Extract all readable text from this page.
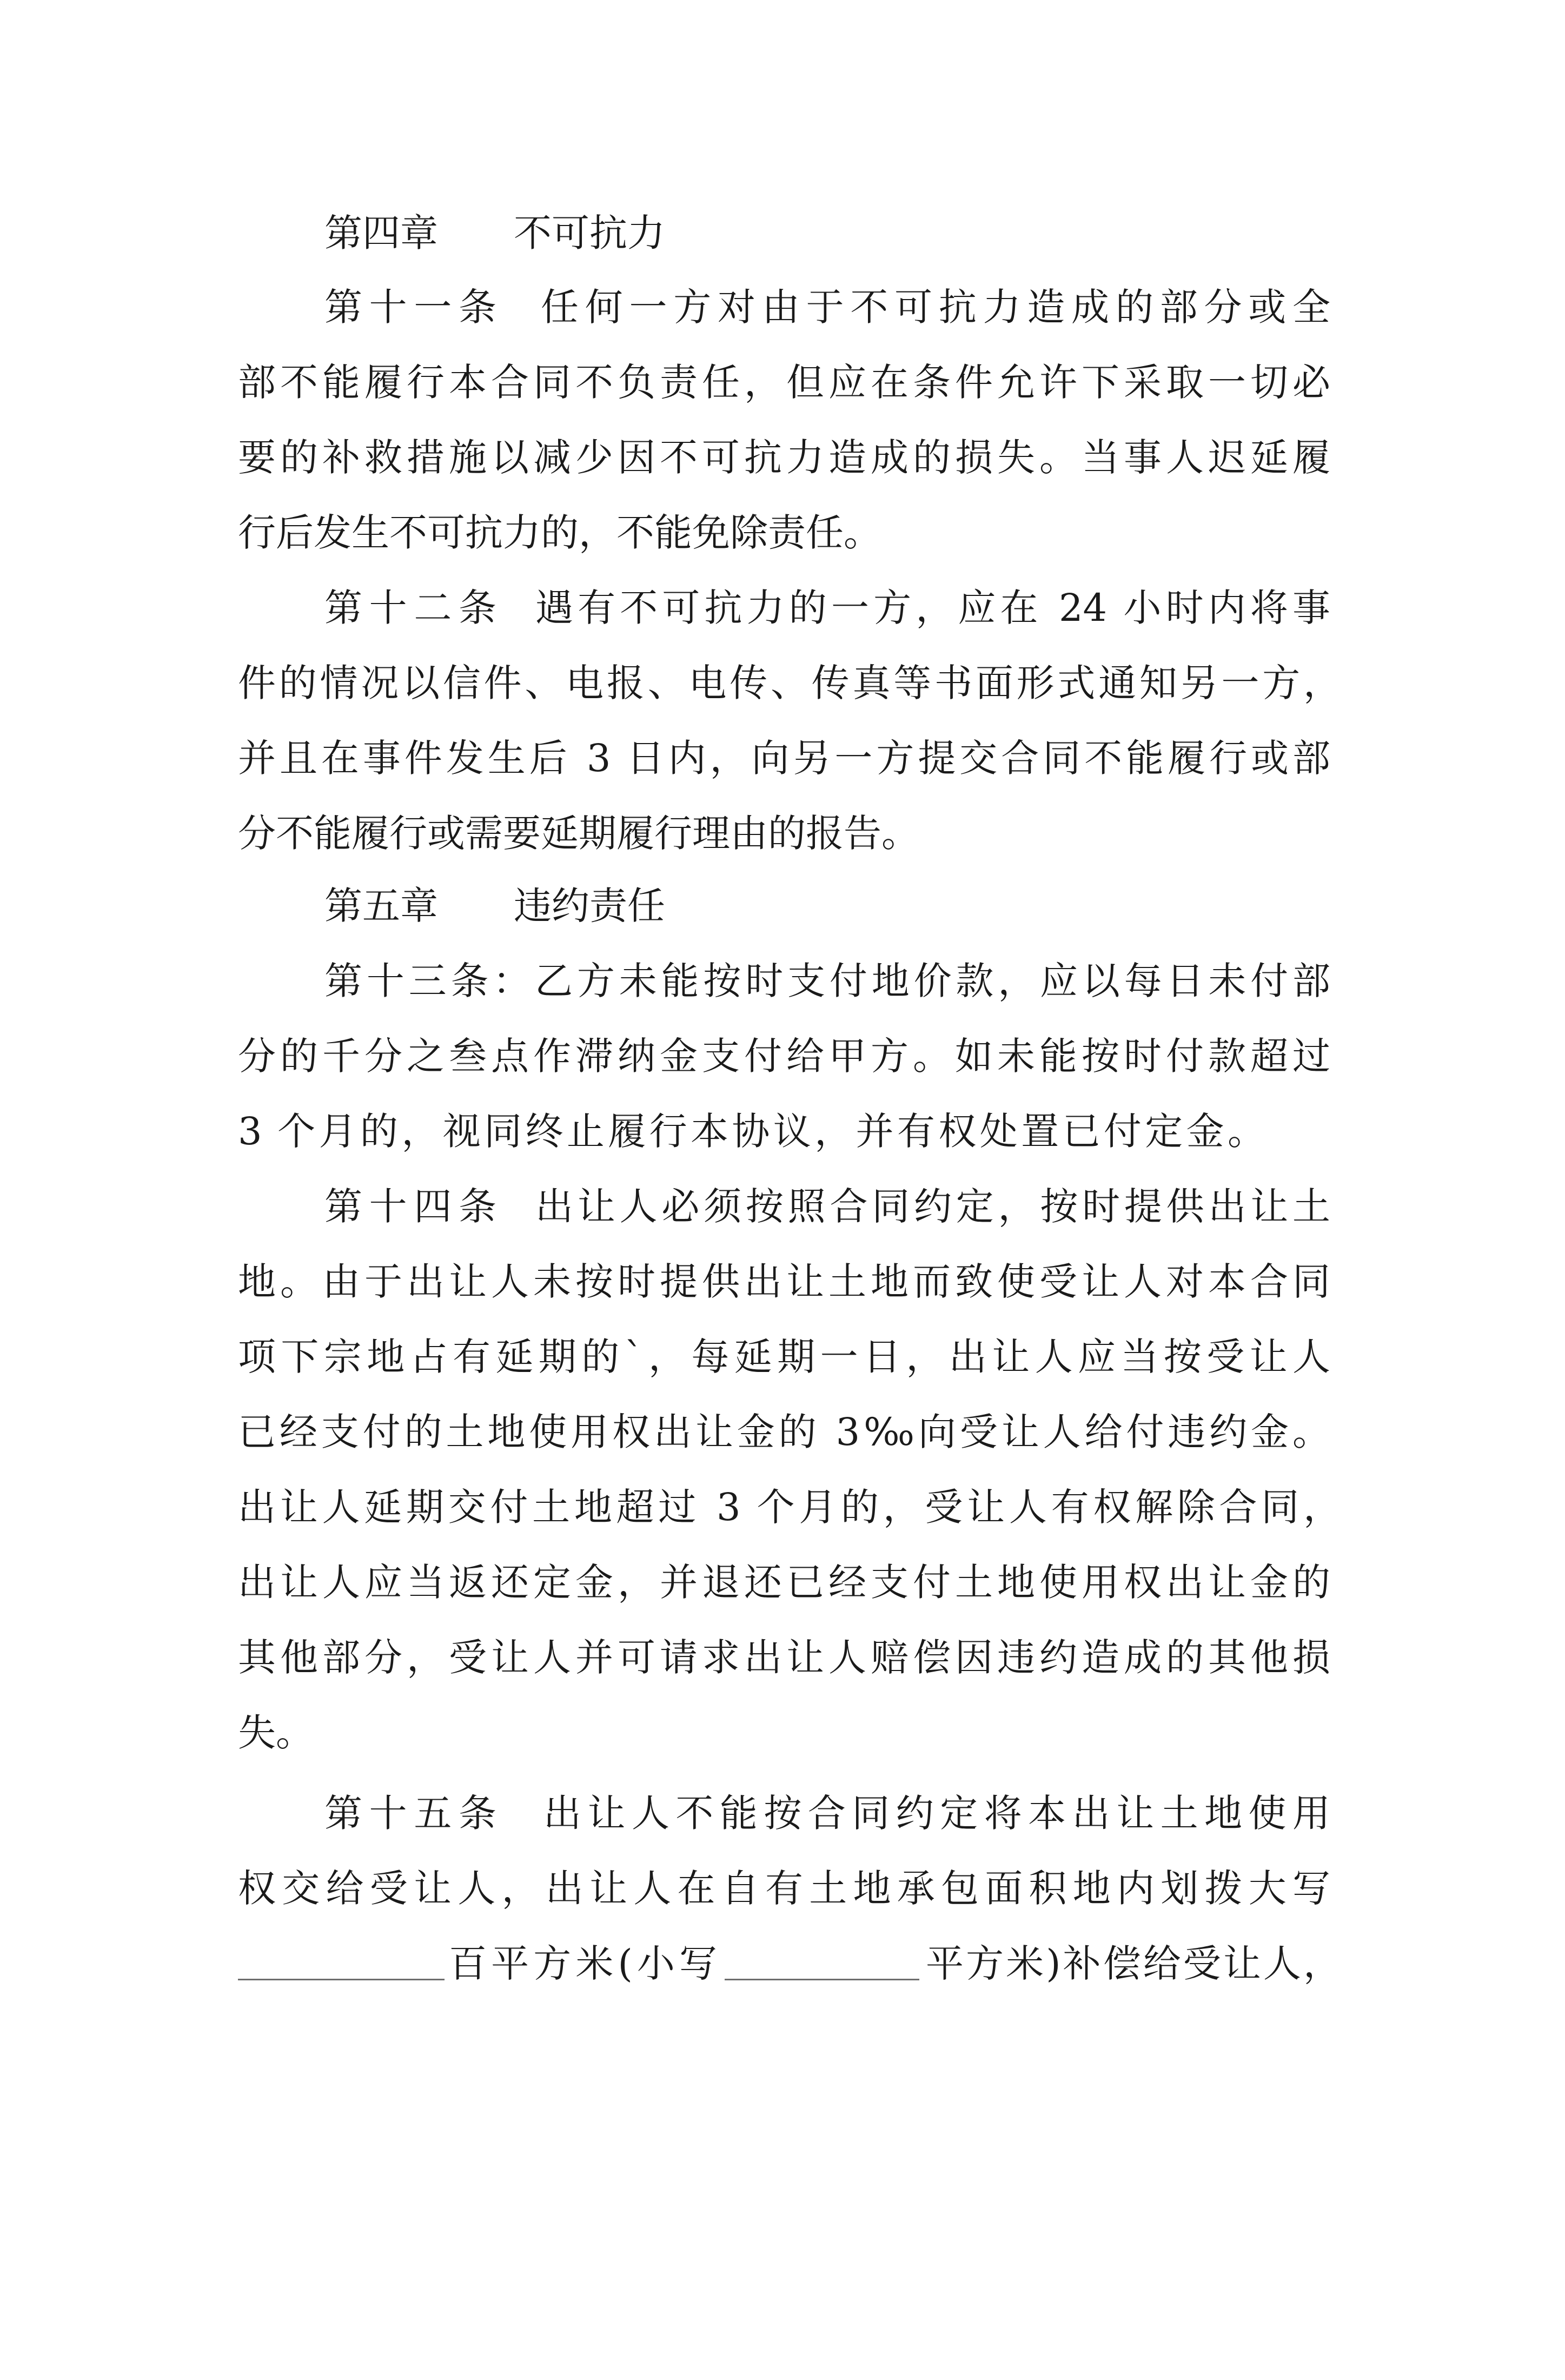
第四章

不可抗力

第十一条

任何一方对由于不可抗力造成的部分或全

部不能履行本合同不负责任，但应在条件允许下采取一切必

要的补救措施以减少因不可抗力造成的损失。当事人迟延履

行后发生不可抗力的，不能免除责任。

第十二条

遇有不可抗力的一方，应在 24 小时内将事

件的情况以信件、电报、电传、传真等书面形式通知另一方，

并且在事件发生后 3 日内，向另一方提交合同不能履行或部

分不能履行或需要延期履行理由的报告。

第五章

违约责任

第十三条：乙方未能按时支付地价款，应以每日未付部

分的千分之叁点作滞纳金支付给甲方。如未能按时付款超过

3 个月的，视同终止履行本协议，并有权处置已付定金。

第十四条

出让人必须按照合同约定，按时提供出让土

地。由于出让人未按时提供出让土地而致使受让人对本合同

项下宗地占有延期的`，每延期一日，出让人应当按受让人

已经支付的土地使用权出让金的 3‰向受让人给付违约金。

出让人延期交付土地超过 3 个月的，受让人有权解除合同，

出让人应当返还定金，并退还已经支付土地使用权出让金的

其他部分，受让人并可请求出让人赔偿因违约造成的其他损

失。

第十五条

出让人不能按合同约定将本出让土地使用

权交给受让人，出让人在自有土地承包面积地内划拨大写

百平方米(小写

	平方米)补偿给受让人，
